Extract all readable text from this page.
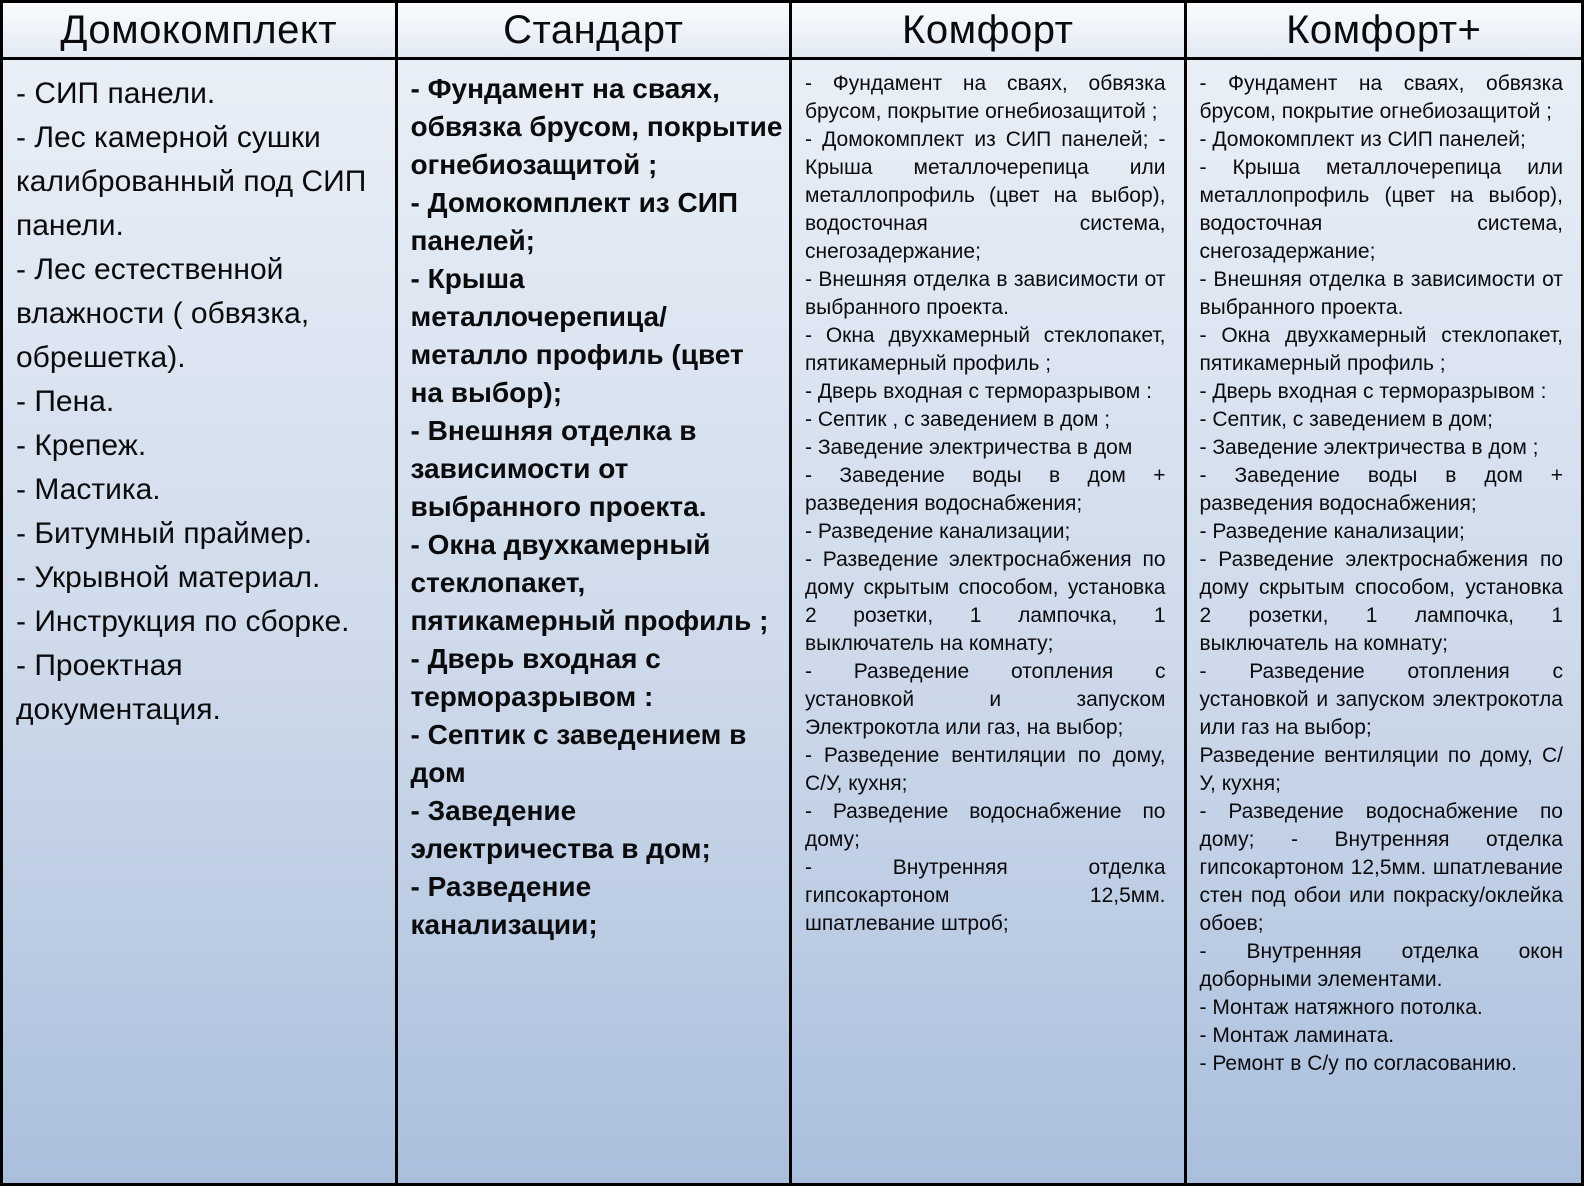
Домокомплект
- СИП панели.
- Лес камерной сушки калиброванный под СИП панели.
- Лес естественной влажности ( обвязка, обрешетка).
- Пена.
- Крепеж.
- Мастика.
- Битумный праймер.
- Укрывной материал.
- Инструкция по сборке.
- Проектная документация.
Стандарт
- Фундамент на сваях, обвязка брусом, покрытие огнебиозащитой ;
- Домокомплект из СИП панелей;
- Крыша металлочерепица/металло профиль (цвет на выбор);
- Внешняя отделка в зависимости от выбранного проекта.
- Окна двухкамерный стеклопакет, пятикамерный профиль ; - Дверь входная с терморазрывом :
- Септик с заведением в дом
- Заведение электричества в дом;
- Разведение канализации;
Комфорт
- Фундамент на сваях, обвязка брусом, покрытие огнебиозащитой ;
- Домокомплект из СИП панелей; - Крыша металлочерепица или металлопрофиль (цвет на выбор), водосточная система, снегозадержание;
- Внешняя отделка в зависимости от выбранного проекта.
- Окна двухкамерный стеклопакет, пятикамерный профиль ;
- Дверь входная с терморазрывом :
- Септик , с заведением в дом ;
- Заведение электричества в дом
- Заведение воды в дом + разведения водоснабжения;
- Разведение канализации;
- Разведение электроснабжения по дому скрытым способом, установка 2 розетки, 1 лампочка, 1 выключатель на комнату;
- Разведение отопления с установкой и запуском Электрокотла или газ, на выбор;
- Разведение вентиляции по дому, С/У, кухня;
- Разведение водоснабжение по дому;
- Внутренняя отделка гипсокартоном 12,5мм. шпатлевание штроб;
Комфорт+
- Фундамент на сваях, обвязка брусом, покрытие огнебиозащитой ;
- Домокомплект из СИП панелей;
- Крыша металлочерепица или металлопрофиль (цвет на выбор), водосточная система, снегозадержание;
- Внешняя отделка в зависимости от выбранного проекта.
- Окна двухкамерный стеклопакет, пятикамерный профиль ;
- Дверь входная с терморазрывом :
- Септик, с заведением в дом;
- Заведение электричества в дом ;
- Заведение воды в дом + разведения водоснабжения;
- Разведение канализации;
- Разведение электроснабжения по дому скрытым способом, установка 2 розетки, 1 лампочка, 1 выключатель на комнату;
- Разведение отопления с установкой и запуском электрокотла или газ на выбор;
Разведение вентиляции по дому, С/У, кухня;
- Разведение водоснабжение по дому; - Внутренняя отделка гипсокартоном 12,5мм. шпатлевание стен под обои или покраску/оклейка обоев;
- Внутренняя отделка окон доборными элементами.
- Монтаж натяжного потолка.
- Монтаж ламината.
- Ремонт в С/у по согласованию.
